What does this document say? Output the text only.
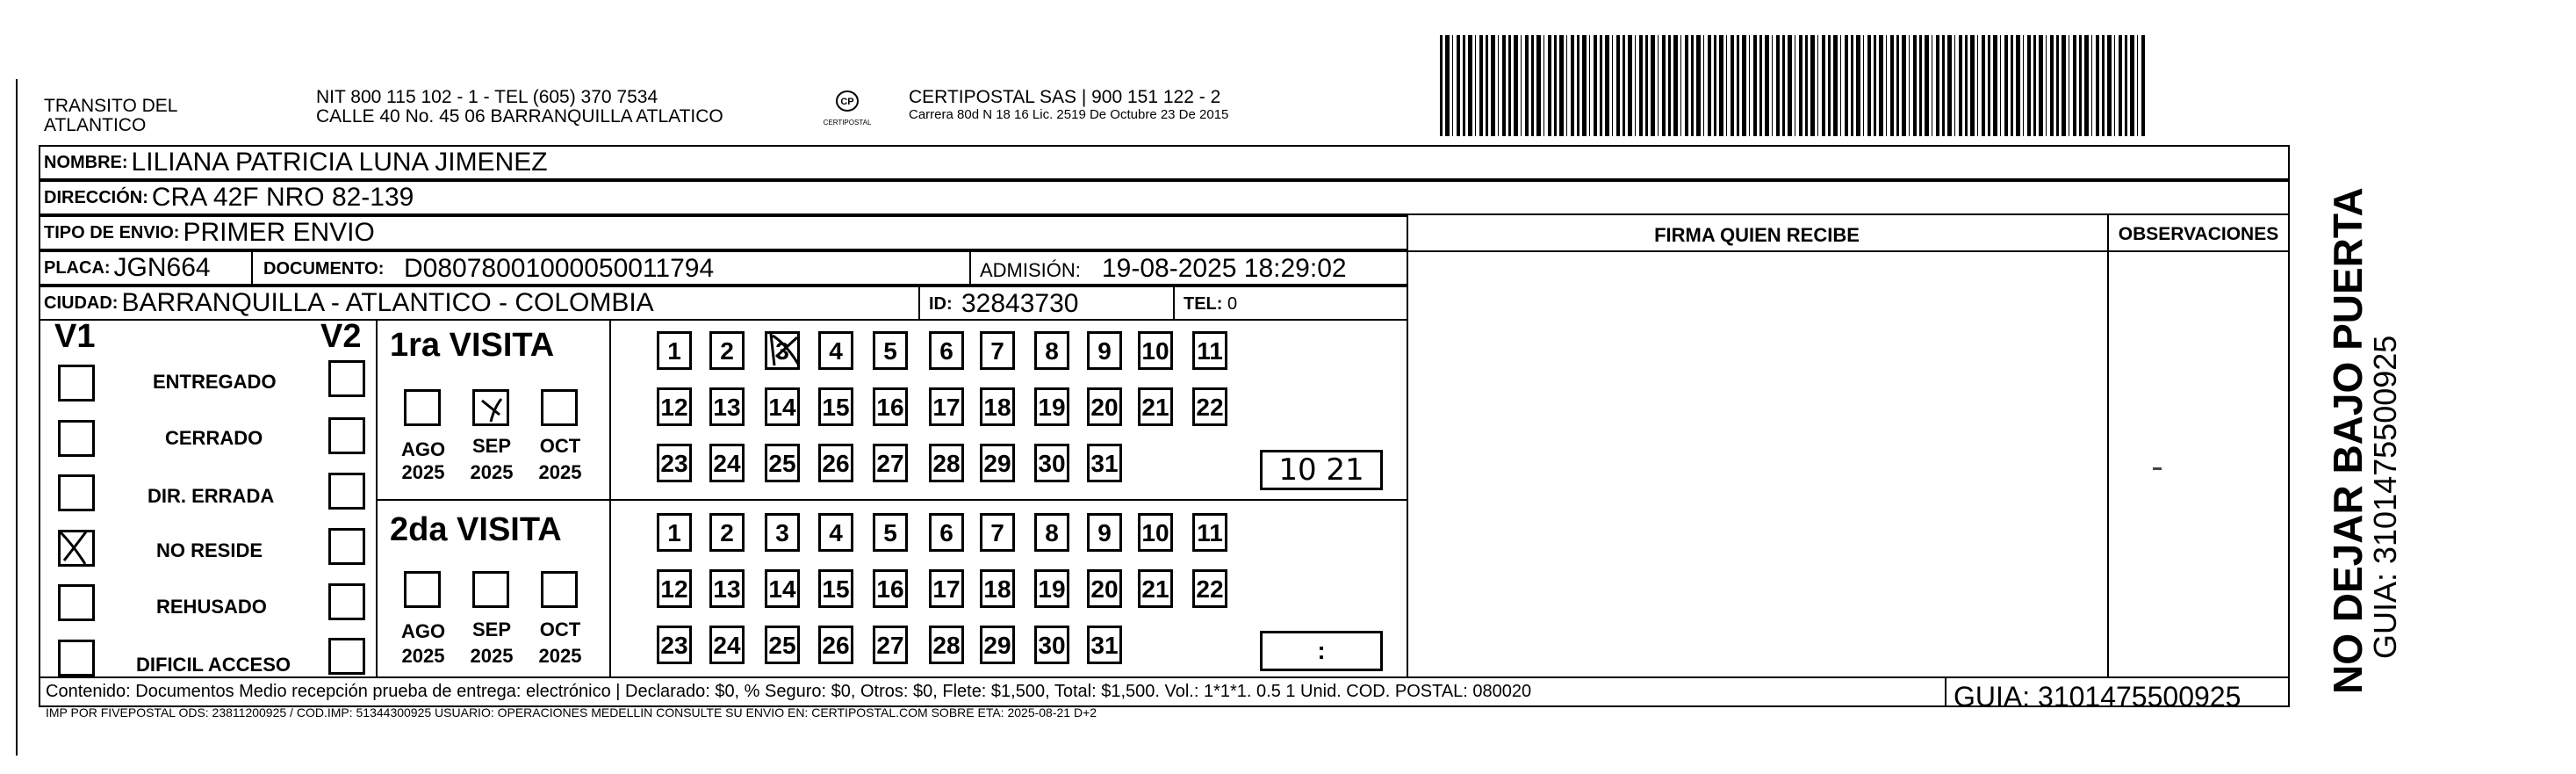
TRANSITO DEL
ATLANTICO
NIT 800 115 102 - 1 - TEL (605) 370 7534
CALLE 40 No. 45 06 BARRANQUILLA ATLATICO
CP
CERTIPOSTAL
CERTIPOSTAL SAS | 900 151 122 - 2
Carrera 80d N 18 16 Lic. 2519 De Octubre 23 De 2015
NOMBRE: LILIANA PATRICIA LUNA JIMENEZ
DIRECCIÓN: CRA 42F NRO 82-139
TIPO DE ENVIO: PRIMER ENVIO
PLACA: JGN664	DOCUMENTO: D08078001000050011794	ADMISIÓN: 19-08-2025 18:29:02
CIUDAD: BARRANQUILLA - ATLANTICO - COLOMBIA	ID: 32843730	TEL: 0
FIRMA QUIEN RECIBE	OBSERVACIONES
V1	V2
ENTREGADO
CERRADO
DIR. ERRADA
NO RESIDE
REHUSADO
DIFICIL ACCESO
1ra VISITA
2da VISITA
AGO	SEP	OCT
2025 2025 2025
AGO	SEP	OCT
2025 2025 2025
1	2	3	4	5	6	7	8	9	10 11
12 13 14 15 16 17 18 19 20 21 22
23 24 25 26 27 28 29 30 31
1	2	3	4	5	6	7	8	9	10 11
12 13 14 15 16 17 18 19 20 21 22
23 24 25 26 27 28 29 30 31
10 21
:	NO DEJAR BAJO PUERTA
GUIA: 3101475500925
Contenido: Documentos Medio recepción prueba de entrega: electrónico | Declarado: $0, % Seguro: $0, Otros: $0, Flete: $1,500, Total: $1,500. Vol.: 1*1*1. 0.5 1 Unid. COD. POSTAL: 080020
IMP POR FIVEPOSTAL ODS: 23811200925 / COD.IMP: 51344300925 USUARIO: OPERACIONES MEDELLIN CONSULTE SU ENVIO EN: CERTIPOSTAL.COM SOBRE ETA: 2025-08-21 D+2	GUIA: 3101475500925
